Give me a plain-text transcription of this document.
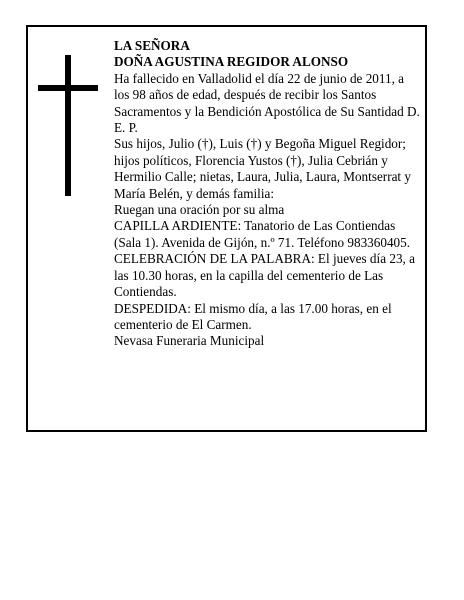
LA SEÑORA

DOÑA AGUSTINA REGIDOR ALONSO

Ha fallecido en Valladolid el día 22 de junio de 2011, a los 98 años de edad, después de recibir los Santos Sacramentos y la Bendición Apostólica de Su Santidad D. E. P.

Sus hijos, Julio (†), Luis (†) y Begoña Miguel Regidor; hijos políticos, Florencia Yustos (†), Julia Cebrián y Hermilio Calle; nietas, Laura, Julia, Laura, Montserrat y María Belén, y demás familia:

Ruegan una oración por su alma

CAPILLA ARDIENTE: Tanatorio de Las Contiendas (Sala 1). Avenida de Gijón, n.º 71. Teléfono 983360405.

CELEBRACIÓN DE LA PALABRA: El jueves día 23, a las 10.30 horas, en la capilla del cementerio de Las Contiendas.

DESPEDIDA: El mismo día, a las 17.00 horas, en el cementerio de El Carmen.

Nevasa Funeraria Municipal
